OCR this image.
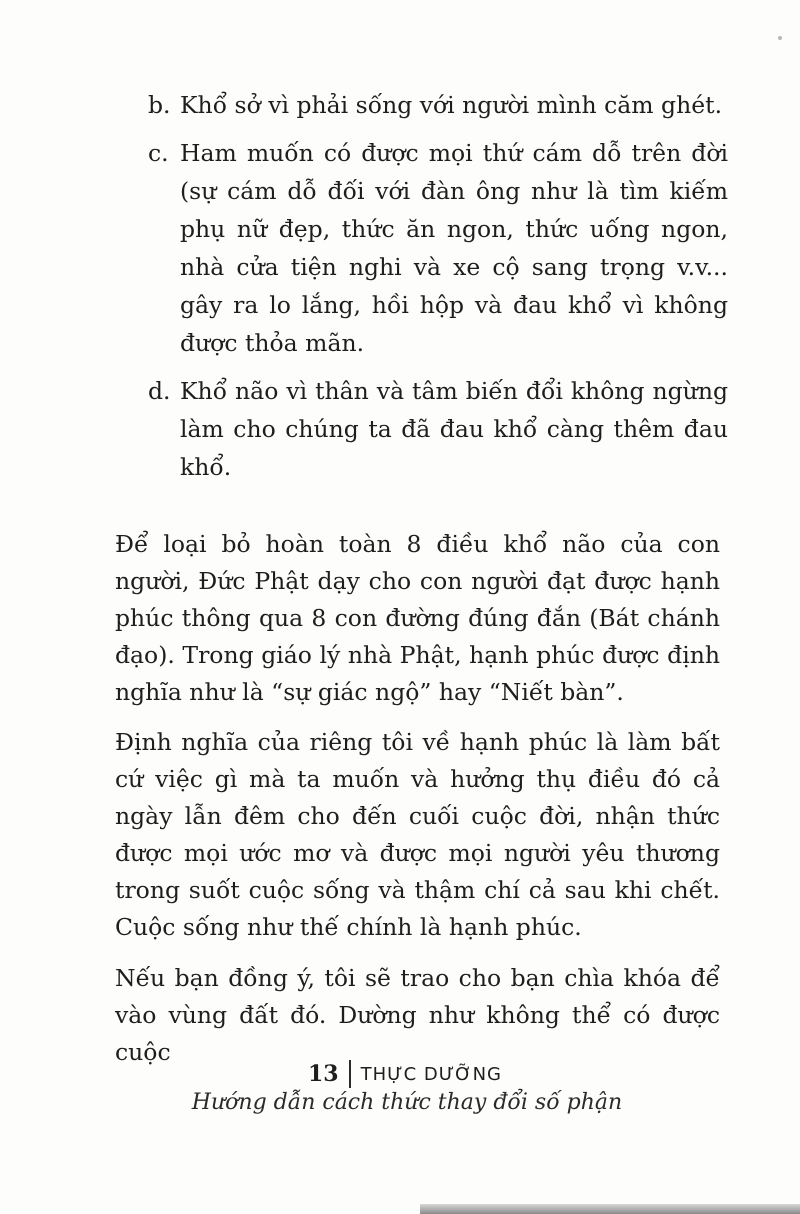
b. Khổ sở vì phải sống với người mình căm ghét.
c. Ham muốn có được mọi thứ cám dỗ trên đời (sự cám dỗ đối với đàn ông như là tìm kiếm phụ nữ đẹp, thức ăn ngon, thức uống ngon, nhà cửa tiện nghi và xe cộ sang trọng v.v... gây ra lo lắng, hồi hộp và đau khổ vì không được thỏa mãn.
d. Khổ não vì thân và tâm biến đổi không ngừng làm cho chúng ta đã đau khổ càng thêm đau khổ.

Để loại bỏ hoàn toàn 8 điều khổ não của con người, Đức Phật dạy cho con người đạt được hạnh phúc thông qua 8 con đường đúng đắn (Bát chánh đạo). Trong giáo lý nhà Phật, hạnh phúc được định nghĩa như là “sự giác ngộ” hay “Niết bàn”.

Định nghĩa của riêng tôi về hạnh phúc là làm bất cứ việc gì mà ta muốn và hưởng thụ điều đó cả ngày lẫn đêm cho đến cuối cuộc đời, nhận thức được mọi ước mơ và được mọi người yêu thương trong suốt cuộc sống và thậm chí cả sau khi chết. Cuộc sống như thế chính là hạnh phúc.

Nếu bạn đồng ý, tôi sẽ trao cho bạn chìa khóa để vào vùng đất đó. Dường như không thể có được cuộc

13 THỰC DƯỠNG
Hướng dẫn cách thức thay đổi số phận
